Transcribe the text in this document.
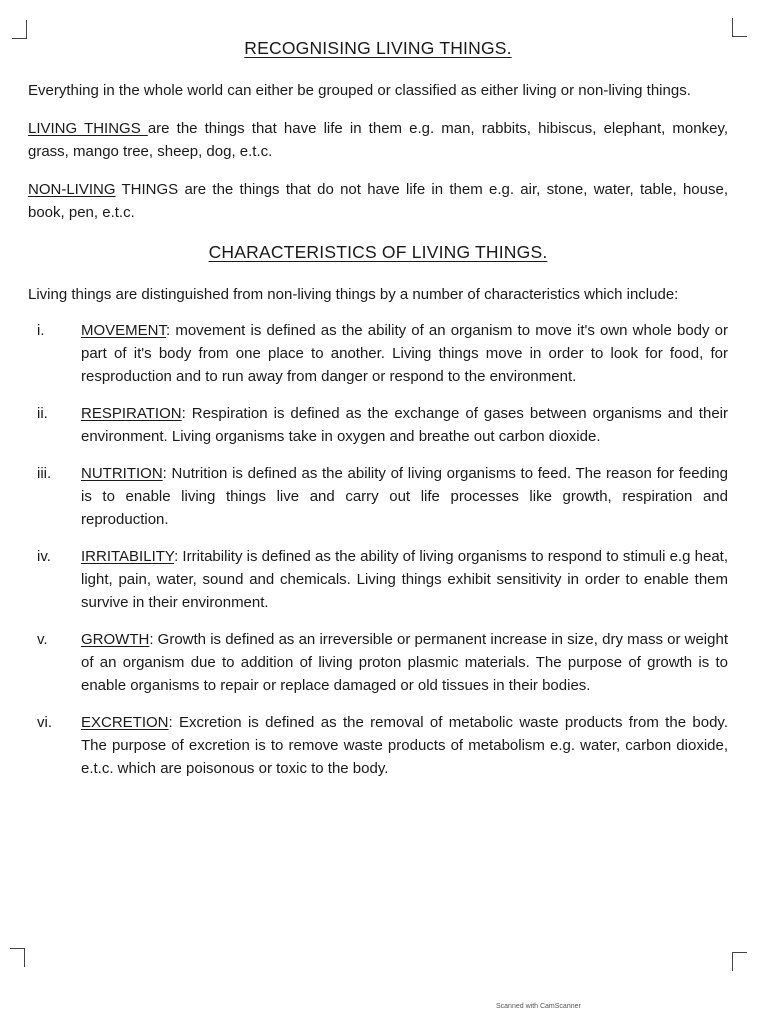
RECOGNISING LIVING THINGS.

Everything in the whole world can either be grouped or classified as either living or non-living things.

LIVING THINGS are the things that have life in them e.g. man, rabbits, hibiscus, elephant, monkey, grass, mango tree, sheep, dog, e.t.c.

NON-LIVING THINGS are the things that do not have life in them e.g. air, stone, water, table, house, book, pen, e.t.c.

CHARACTERISTICS OF LIVING THINGS.

Living things are distinguished from non-living things by a number of characteristics which include:

i.	MOVEMENT: movement is defined as the ability of an organism to move it's own whole body or part of it's body from one place to another. Living things move in order to look for food, for resproduction and to run away from danger or respond to the environment.
ii.	RESPIRATION: Respiration is defined as the exchange of gases between organisms and their environment. Living organisms take in oxygen and breathe out carbon dioxide.
iii.	NUTRITION: Nutrition is defined as the ability of living organisms to feed. The reason for feeding is to enable living things live and carry out life processes like growth, respiration and reproduction.
iv.	IRRITABILITY: Irritability is defined as the ability of living organisms to respond to stimuli e.g heat, light, pain, water, sound and chemicals. Living things exhibit sensitivity in order to enable them survive in their environment.
v.	GROWTH: Growth is defined as an irreversible or permanent increase in size, dry mass or weight of an organism due to addition of living proton plasmic materials. The purpose of growth is to enable organisms to repair or replace damaged or old tissues in their bodies.
vi.	EXCRETION: Excretion is defined as the removal of metabolic waste products from the body. The purpose of excretion is to remove waste products of metabolism e.g. water, carbon dioxide, e.t.c. which are poisonous or toxic to the body.
Scanned with CamScanner
